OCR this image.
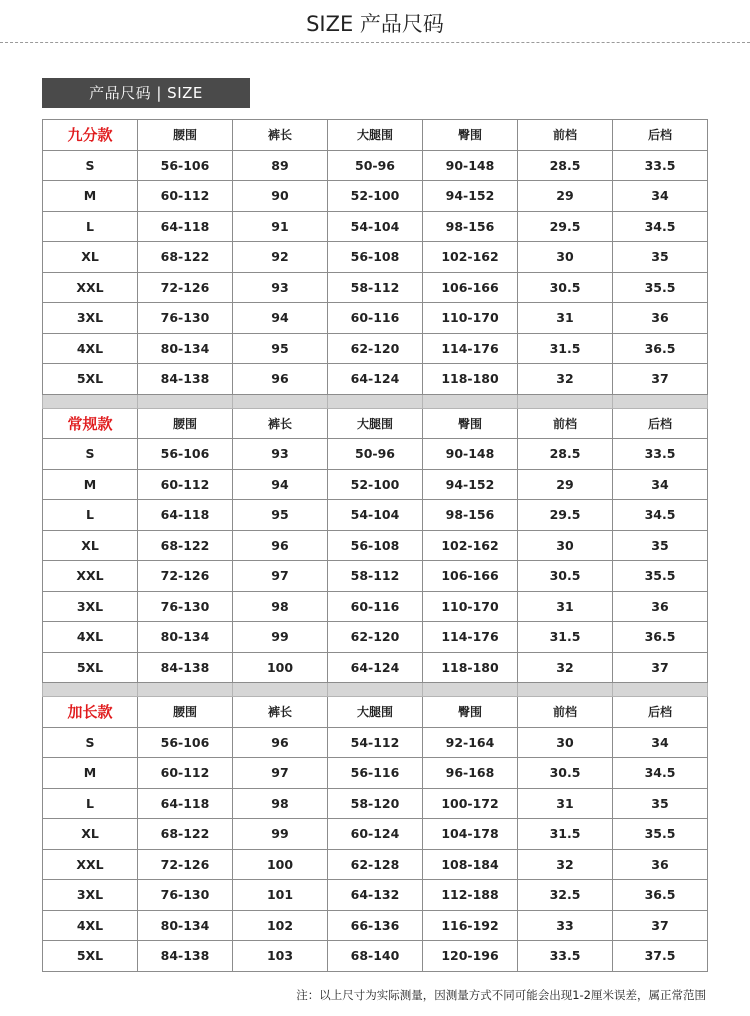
SIZE 产品尺码
产品尺码 | SIZE
九分款	腰围	裤长	大腿围	臀围	前档	后档
S	56-106	89	50-96	90-148	28.5	33.5
M	60-112	90	52-100	94-152	29	34
L	64-118	91	54-104	98-156	29.5	34.5
XL	68-122	92	56-108	102-162	30	35
XXL	72-126	93	58-112	106-166	30.5	35.5
3XL	76-130	94	60-116	110-170	31	36
4XL	80-134	95	62-120	114-176	31.5	36.5
5XL	84-138	96	64-124	118-180	32	37

常规款	腰围	裤长	大腿围	臀围	前档	后档
S	56-106	93	50-96	90-148	28.5	33.5
M	60-112	94	52-100	94-152	29	34
L	64-118	95	54-104	98-156	29.5	34.5
XL	68-122	96	56-108	102-162	30	35
XXL	72-126	97	58-112	106-166	30.5	35.5
3XL	76-130	98	60-116	110-170	31	36
4XL	80-134	99	62-120	114-176	31.5	36.5
5XL	84-138	100	64-124	118-180	32	37

加长款	腰围	裤长	大腿围	臀围	前档	后档
S	56-106	96	54-112	92-164	30	34
M	60-112	97	56-116	96-168	30.5	34.5
L	64-118	98	58-120	100-172	31	35
XL	68-122	99	60-124	104-178	31.5	35.5
XXL	72-126	100	62-128	108-184	32	36
3XL	76-130	101	64-132	112-188	32.5	36.5
4XL	80-134	102	66-136	116-192	33	37
5XL	84-138	103	68-140	120-196	33.5	37.5
注：以上尺寸为实际测量，因测量方式不同可能会出现1-2厘米误差，属正常范围
